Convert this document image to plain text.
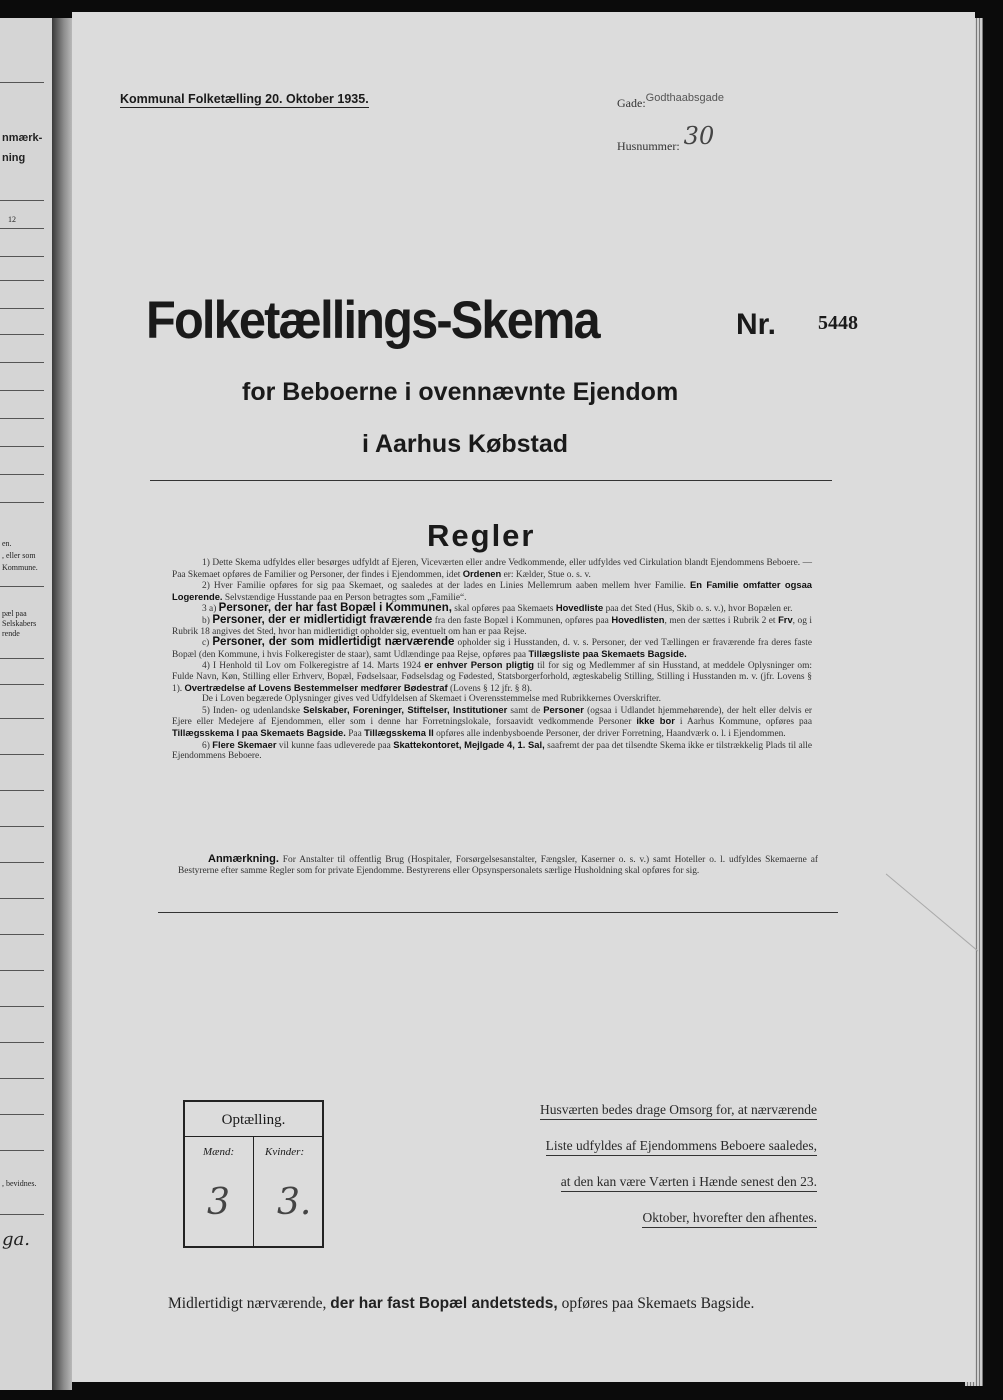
nmærk-
ning
12
en.
, eller som
Kommune.
pæl paa
Selskabers
rende
, bevidnes.
ga.
Kommunal Folketælling 20. Oktober 1935.	Gade:$^{Godthaabsgade}$
Husnummer: 30
Folketællings-Skema	Nr. 5448
for Beboerne i ovennævnte Ejendom
i Aarhus Købstad
Regler

1) Dette Skema udfyldes eller besørges udfyldt af Ejeren, Viceværten eller andre Vedkommende, eller udfyldes ved Cirkulation blandt Ejendommens Beboere. — Paa Skemaet opføres de Familier og Personer, der findes i Ejendommen, idet Ordenen er: Kælder, Stue o. s. v.

2) Hver Familie opføres for sig paa Skemaet, og saaledes at der lades en Linies Mellemrum aaben mellem hver Familie. En Familie omfatter ogsaa Logerende. Selvstændige Husstande paa en Person betragtes som „Familie“.

3 a) Personer, der har fast Bopæl i Kommunen, skal opføres paa Skemaets Hovedliste paa det Sted (Hus, Skib o. s. v.), hvor Bopælen er.

b) Personer, der er midlertidigt fraværende fra den faste Bopæl i Kommunen, opføres paa Hovedlisten, men der sættes i Rubrik 2 et Frv, og i Rubrik 18 angives det Sted, hvor han midlertidigt opholder sig, eventuelt om han er paa Rejse.

c) Personer, der som midlertidigt nærværende opholder sig i Husstanden, d. v. s. Personer, der ved Tællingen er fraværende fra deres faste Bopæl (den Kommune, i hvis Folkeregister de staar), samt Udlændinge paa Rejse, opføres paa Tillægsliste paa Skemaets Bagside.

4) I Henhold til Lov om Folkeregistre af 14. Marts 1924 er enhver Person pligtig til for sig og Medlemmer af sin Husstand, at meddele Oplysninger om: Fulde Navn, Køn, Stilling eller Erhverv, Bopæl, Fødselsaar, Fødselsdag og Fødested, Statsborgerforhold, ægteskabelig Stilling, Stilling i Husstanden m. v. (jfr. Lovens § 1). Overtrædelse af Lovens Bestemmelser medfører Bødestraf (Lovens § 12 jfr. § 8).

De i Loven begærede Oplysninger gives ved Udfyldelsen af Skemaet i Overensstemmelse med Rubrikkernes Overskrifter.

5) Inden- og udenlandske Selskaber, Foreninger, Stiftelser, Institutioner samt de Personer (ogsaa i Udlandet hjemmehørende), der helt eller delvis er Ejere eller Medejere af Ejendommen, eller som i denne har Forretningslokale, forsaavidt vedkommende Personer ikke bor i Aarhus Kommune, opføres paa Tillægsskema I paa Skemaets Bagside. Paa Tillægsskema II opføres alle indenbysboende Personer, der driver Forretning, Haandværk o. l. i Ejendommen.

6) Flere Skemaer vil kunne faas udleverede paa Skattekontoret, Mejlgade 4, 1. Sal, saafremt der paa det tilsendte Skema ikke er tilstrækkelig Plads til alle Ejendommens Beboere.

Anmærkning. For Anstalter til offentlig Brug (Hospitaler, Forsørgelsesanstalter, Fængsler, Kaserner o. s. v.) samt Hoteller o. l. udfyldes Skemaerne af Bestyrerne efter samme Regler som for private Ejendomme. Bestyrerens eller Opsynspersonalets særlige Husholdning skal opføres for sig.

Optælling.
Mænd:	Kvinder:
3 3.
Husværten bedes drage Omsorg for, at nærværende
Liste udfyldes af Ejendommens Beboere saaledes,
at den kan være Værten i Hænde senest den 23.
Oktober, hvorefter den afhentes.
Midlertidigt nærværende, der har fast Bopæl andetsteds, opføres paa Skemaets Bagside.
